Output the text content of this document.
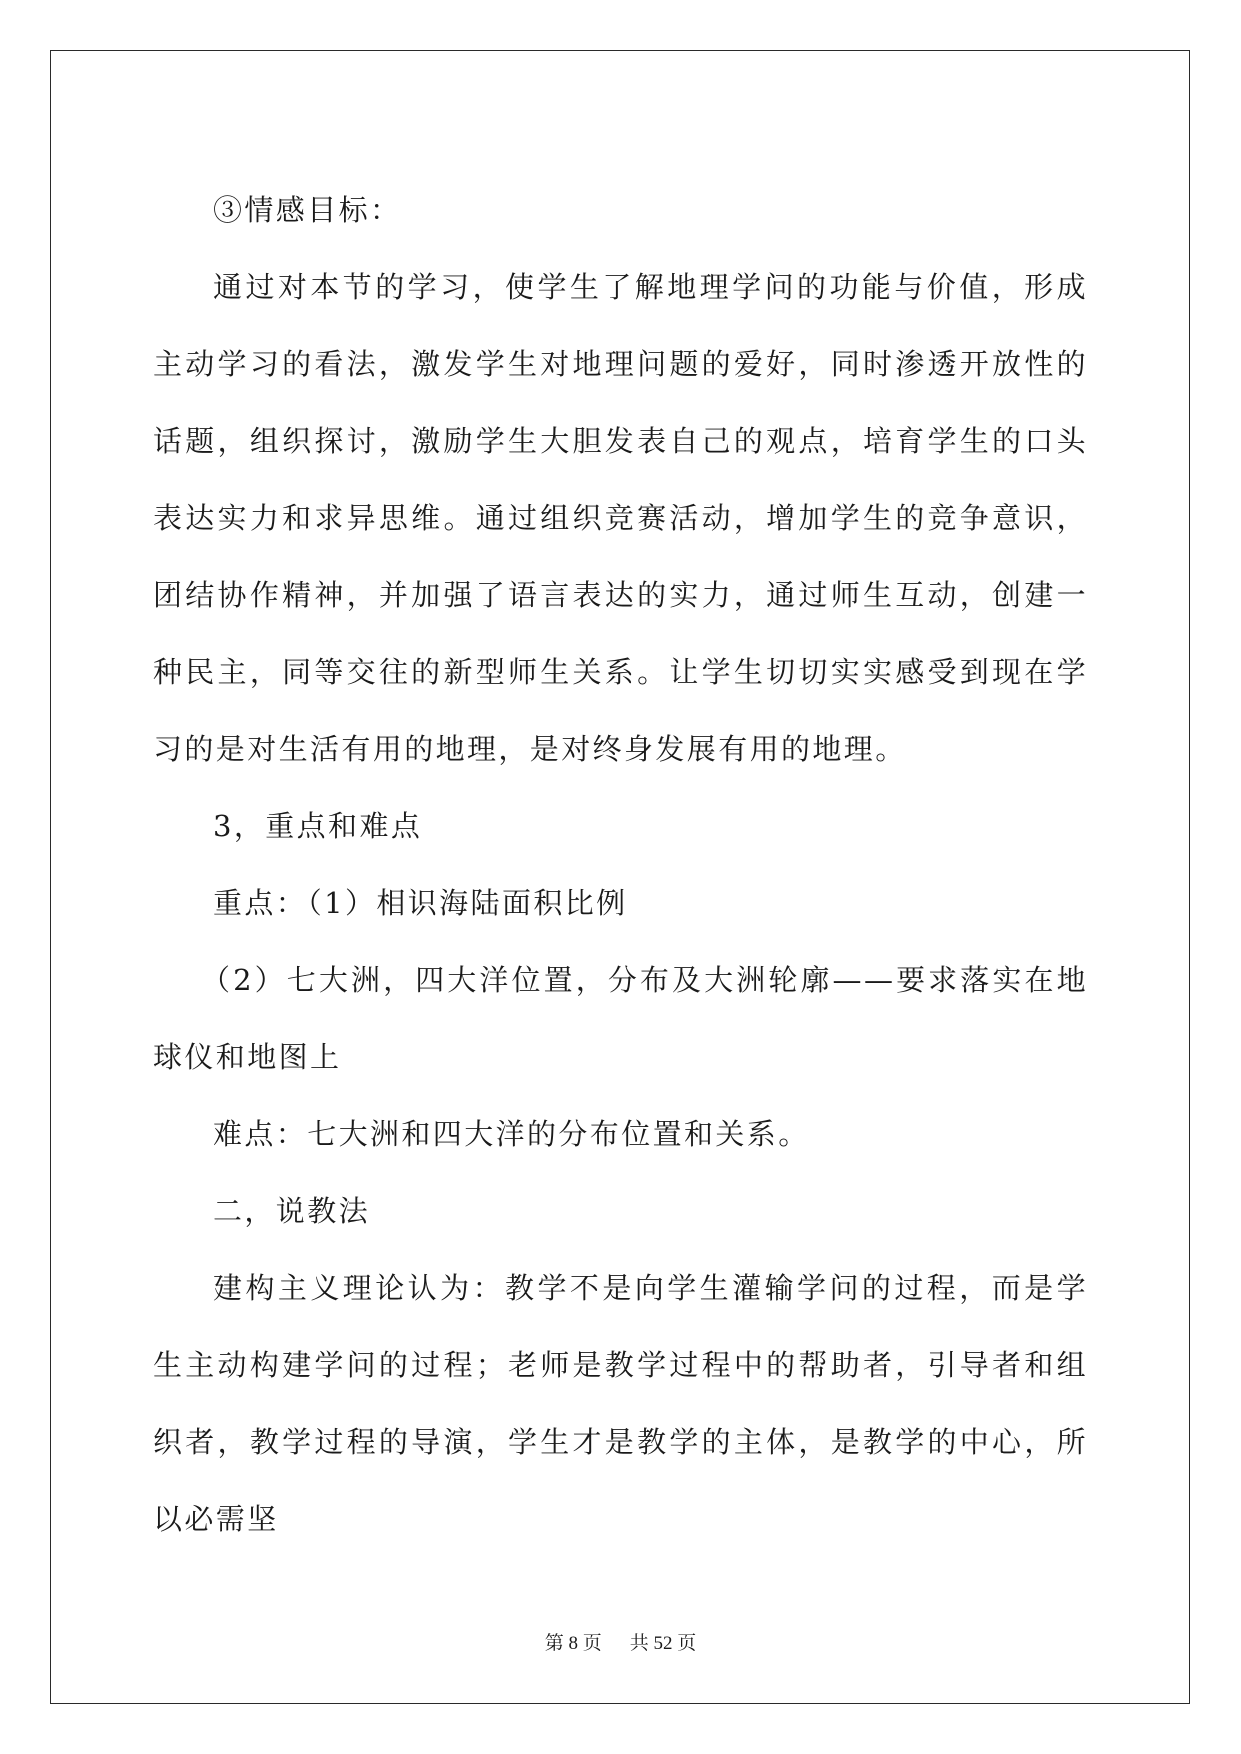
③情感目标：

通过对本节的学习，使学生了解地理学问的功能与价值，形成主动学习的看法，激发学生对地理问题的爱好，同时渗透开放性的话题，组织探讨，激励学生大胆发表自己的观点，培育学生的口头表达实力和求异思维。通过组织竞赛活动，增加学生的竞争意识，团结协作精神，并加强了语言表达的实力，通过师生互动，创建一种民主，同等交往的新型师生关系。让学生切切实实感受到现在学习的是对生活有用的地理，是对终身发展有用的地理。

3，重点和难点

重点：（1）相识海陆面积比例

（2）七大洲，四大洋位置，分布及大洲轮廓——要求落实在地球仪和地图上

难点：七大洲和四大洋的分布位置和关系。

二，说教法

建构主义理论认为：教学不是向学生灌输学问的过程，而是学生主动构建学问的过程；老师是教学过程中的帮助者，引导者和组织者，教学过程的导演，学生才是教学的主体，是教学的中心，所以必需坚

第 8 页 共 52 页
